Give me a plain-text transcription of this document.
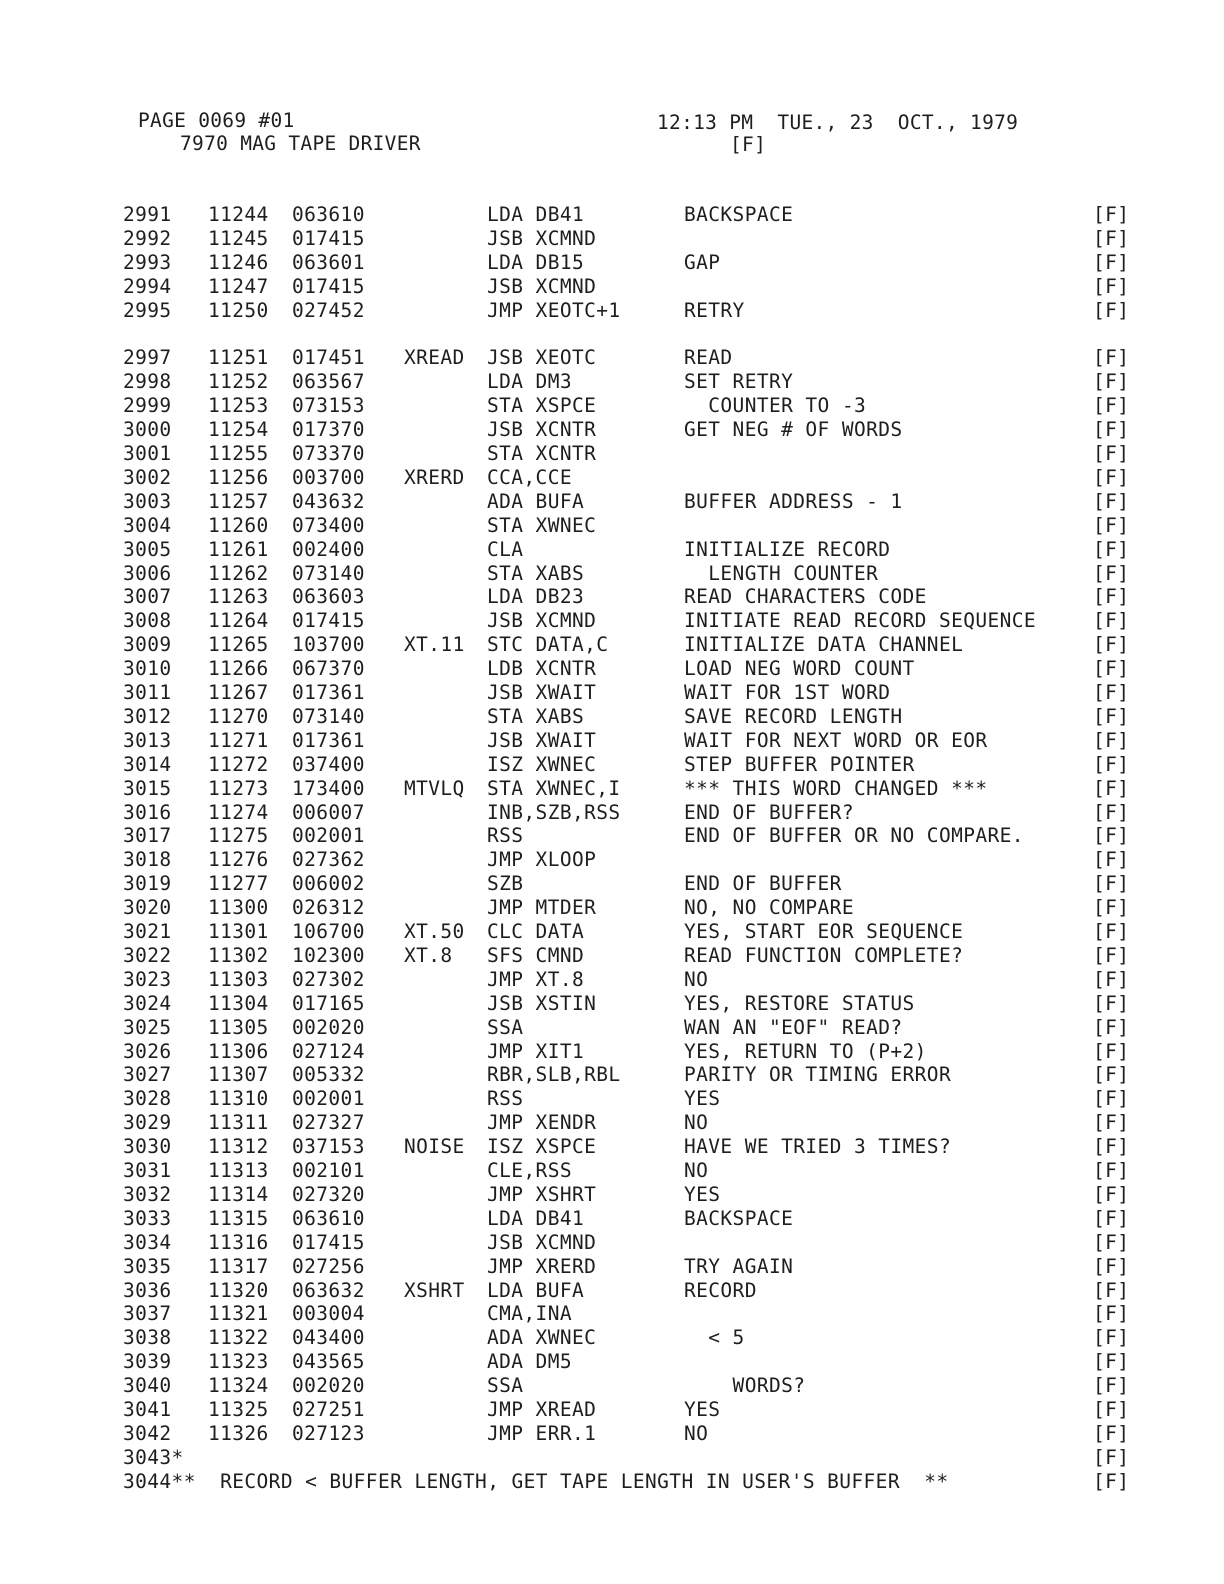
PAGE 0069 #01
7970 MAG TAPE DRIVER
12:13 PM  TUE., 23  OCT., 1979
[F]
2991 11244 063610	LDA DB41	BACKSPACE	[F]
2992 11245 017415	JSB XCMND	[F]
2993 11246 063601	LDA DB15	GAP	[F]
2994 11247 017415	JSB XCMND	[F]
2995 11250 027452	JMP XEOTC+1	RETRY	[F]
2997 11251 017451 XREAD JSB XEOTC	READ	[F]
2998 11252 063567	LDA DM3	SET RETRY	[F]
2999 11253 073153	STA XSPCE	COUNTER TO -3	[F]
3000 11254 017370	JSB XCNTR	GET NEG # OF WORDS	[F]
3001 11255 073370	STA XCNTR	[F]
3002 11256 003700 XRERD CCA,CCE	[F]
3003 11257 043632	ADA BUFA	BUFFER ADDRESS - 1	[F]
3004 11260 073400	STA XWNEC	[F]
3005 11261 002400	CLA	INITIALIZE RECORD	[F]
3006 11262 073140	STA XABS	LENGTH COUNTER	[F]
3007 11263 063603	LDA DB23	READ CHARACTERS CODE	[F]
3008 11264 017415	JSB XCMND	INITIATE READ RECORD SEQUENCE	[F]
3009 11265 103700 XT.11 STC DATA,C	INITIALIZE DATA CHANNEL	[F]
3010 11266 067370	LDB XCNTR	LOAD NEG WORD COUNT	[F]
3011 11267 017361	JSB XWAIT	WAIT FOR 1ST WORD	[F]
3012 11270 073140	STA XABS	SAVE RECORD LENGTH	[F]
3013 11271 017361	JSB XWAIT	WAIT FOR NEXT WORD OR EOR	[F]
3014 11272 037400	ISZ XWNEC	STEP BUFFER POINTER	[F]
3015 11273 173400 MTVLQ STA XWNEC,I	*** THIS WORD CHANGED ***	[F]
3016 11274 006007	INB,SZB,RSS	END OF BUFFER?	[F]
3017 11275 002001	RSS	END OF BUFFER OR NO COMPARE.	[F]
3018 11276 027362	JMP XLOOP	[F]
3019 11277 006002	SZB	END OF BUFFER	[F]
3020 11300 026312	JMP MTDER	NO, NO COMPARE	[F]
3021 11301 106700 XT.50 CLC DATA	YES, START EOR SEQUENCE	[F]
3022 11302 102300 XT.8 SFS CMND	READ FUNCTION COMPLETE?	[F]
3023 11303 027302	JMP XT.8	NO	[F]
3024 11304 017165	JSB XSTIN	YES, RESTORE STATUS	[F]
3025 11305 002020	SSA	WAN AN "EOF" READ?	[F]
3026 11306 027124	JMP XIT1	YES, RETURN TO (P+2)	[F]
3027 11307 005332	RBR,SLB,RBL	PARITY OR TIMING ERROR	[F]
3028 11310 002001	RSS	YES	[F]
3029 11311 027327	JMP XENDR	NO	[F]
3030 11312 037153 NOISE ISZ XSPCE	HAVE WE TRIED 3 TIMES?	[F]
3031 11313 002101	CLE,RSS	NO	[F]
3032 11314 027320	JMP XSHRT	YES	[F]
3033 11315 063610	LDA DB41	BACKSPACE	[F]
3034 11316 017415	JSB XCMND	[F]
3035 11317 027256	JMP XRERD	TRY AGAIN	[F]
3036 11320 063632 XSHRT LDA BUFA	RECORD	[F]
3037 11321 003004	CMA,INA	[F]
3038 11322 043400	ADA XWNEC	< 5	[F]
3039 11323 043565	ADA DM5	[F]
3040 11324 002020	SSA	WORDS?	[F]
3041 11325 027251	JMP XREAD	YES	[F]
3042 11326 027123	JMP ERR.1	NO	[F]
3043*	[F]
3044**  RECORD < BUFFER LENGTH, GET TAPE LENGTH IN USER'S BUFFER  **	[F]
